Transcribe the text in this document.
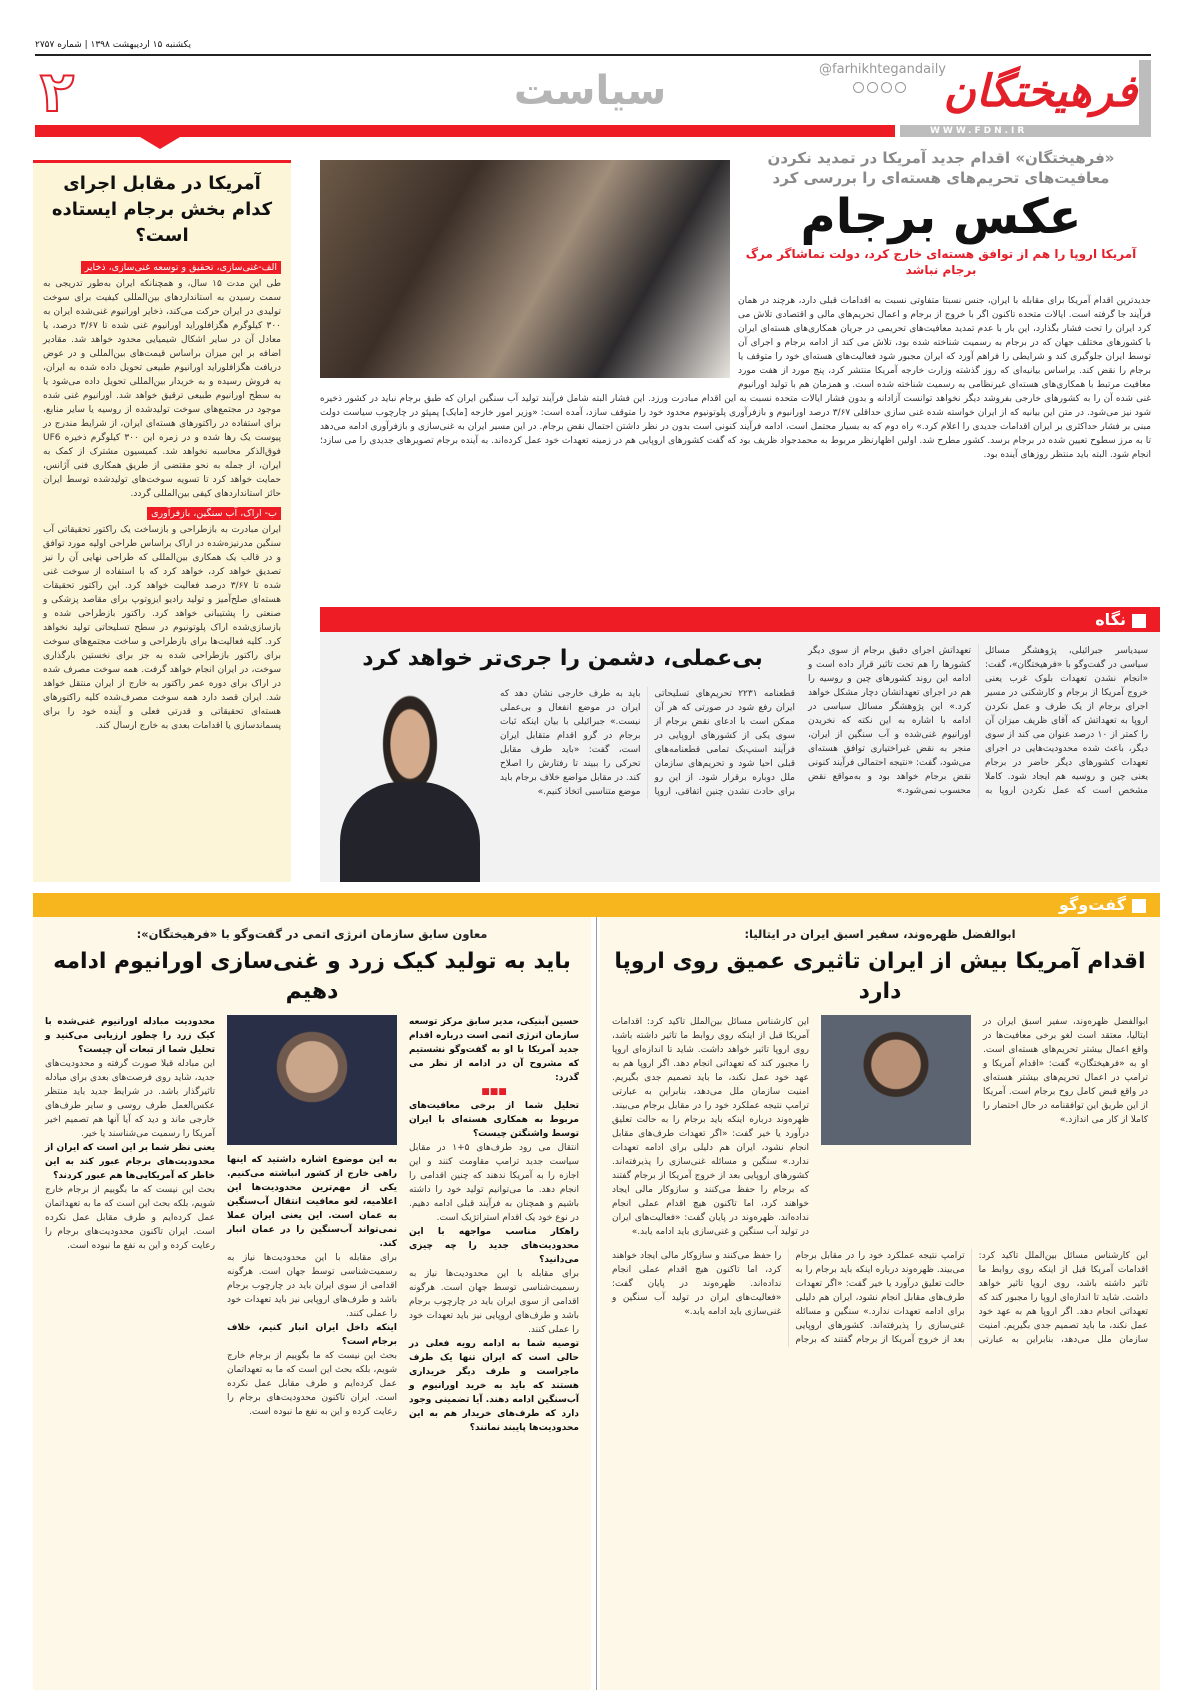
یکشنبه ۱۵ اردیبهشت ۱۳۹۸ | شماره ۲۷۵۷
فرهیختگان
@farhikhtegandaily
سیاست
۲
WWW.FDN.IR
آمریکا در مقابل اجرای کدام بخش برجام ایستاده است؟
الف-غنی‌سازی، تحقیق و توسعه غنی‌سازی، ذخایر

طی این مدت ۱۵ سال، و همچنانکه ایران به‌طور تدریجی به سمت رسیدن به استانداردهای بین‌المللی کیفیت برای سوخت تولیدی در ایران حرکت می‌کند، ذخایر اورانیوم غنی‌شده ایران به ۳۰۰ کیلوگرم هگزافلوراید اورانیوم غنی شده تا ۳/۶۷ درصد، یا معادل آن در سایر اشکال شیمیایی محدود خواهد شد. مقادیر اضافه بر این میزان براساس قیمت‌های بین‌المللی و در عوض دریافت هگزافلوراید اورانیوم طبیعی تحویل داده شده به ایران، به فروش رسیده و به خریدار بین‌المللی تحویل داده می‌شود یا به سطح اورانیوم طبیعی ترقیق خواهد شد. اورانیوم غنی شده موجود در مجتمع‌های سوخت تولیدشده از روسیه یا سایر منابع، برای استفاده در راکتورهای هسته‌ای ایران، از شرایط مندرج در پیوست یک رها شده و در زمره این ۳۰۰ کیلوگرم ذخیره UF6 فوق‌الذکر محاسبه نخواهد شد. کمیسیون مشترک از کمک به ایران، از جمله به نحو مقتضی از طریق همکاری فنی آژانس، حمایت خواهد کرد تا تسویه سوخت‌های تولیدشده توسط ایران حائز استانداردهای کیفی بین‌المللی گردد.

ب- اراک، آب سنگین، بازفرآوری

ایران مبادرت به بازطراحی و بازساخت یک راکتور تحقیقاتی آب سنگین مدرنیزه‌شده در اراک براساس طراحی اولیه مورد توافق و در قالب یک همکاری بین‌المللی که طراحی نهایی آن را نیز تصدیق خواهد کرد، خواهد کرد که با استفاده از سوخت غنی شده تا ۳/۶۷ درصد فعالیت خواهد کرد. این راکتور تحقیقات هسته‌ای صلح‌آمیز و تولید رادیو ایزوتوپ برای مقاصد پزشکی و صنعتی را پشتیبانی خواهد کرد. راکتور بازطراحی شده و بازسازی‌شده اراک پلوتونیوم در سطح تسلیحاتی تولید نخواهد کرد. کلیه فعالیت‌ها برای بازطراحی و ساخت مجتمع‌های سوخت برای راکتور بازطراحی شده به جز برای نخستین بارگذاری سوخت، در ایران انجام خواهد گرفت. همه سوخت مصرف شده در اراک برای دوره عمر راکتور به خارج از ایران منتقل خواهد شد. ایران قصد دارد همه سوخت مصرف‌شده کلیه راکتورهای هسته‌ای تحقیقاتی و قدرتی فعلی و آینده خود را برای پسماندسازی یا اقدامات بعدی به خارج ارسال کند.

«فرهیختگان» اقدام جدید آمریکا در تمدید نکردن معافیت‌های تحریم‌های هسته‌ای را بررسی کرد
عکس برجام
آمریکا اروپا را هم از توافق هسته‌ای خارج کرد، دولت تماشاگر مرگ برجام نباشد
جدیدترین اقدام آمریکا برای مقابله با ایران، جنس نسبتا متفاوتی نسبت به اقدامات قبلی دارد، هرچند در همان فرآیند جا گرفته است. ایالات متحده تاکنون اگر با خروج از برجام و اعمال تحریم‌های مالی و اقتصادی تلاش می کرد ایران را تحت فشار بگذارد، این بار با عدم تمدید معافیت‌های تحریمی در جریان همکاری‌های هسته‌ای ایران با کشورهای مختلف جهان که در برجام به رسمیت شناخته شده بود، تلاش می کند از ادامه برجام و اجرای آن توسط ایران جلوگیری کند و شرایطی را فراهم آورد که ایران مجبور شود فعالیت‌های هسته‌ای خود را متوقف یا برجام را نقض کند. براساس بیانیه‌ای که روز گذشته وزارت خارجه آمریکا منتشر کرد، پنج مورد از هفت مورد معافیت مرتبط با همکاری‌های هسته‌ای غیرنظامی به رسمیت شناخته شده است. و همزمان هم با تولید اورانیوم غنی شده آن را به کشورهای خارجی بفروشد دیگر نخواهد توانست آزادانه و بدون فشار ایالات متحده نسبت به این اقدام مبادرت ورزد. این فشار البته شامل فرآیند تولید آب سنگین ایران که طبق برجام نباید در کشور ذخیره شود نیز می‌شود. در متن این بیانیه که از ایران خواسته شده غنی سازی حداقلی ۳/۶۷ درصد اورانیوم و بازفرآوری پلوتونیوم محدود خود را متوقف سازد، آمده است: «وزیر امور خارجه [مایک] پمپئو در چارچوب سیاست دولت مبنی بر فشار حداکثری بر ایران اقدامات جدیدی را اعلام کرد.» راه دوم که به بسیار محتمل است، ادامه فرآیند کنونی است بدون در نظر داشتن احتمال نقض برجام. در این مسیر ایران به غنی‌سازی و بازفرآوری ادامه می‌دهد تا به مرز سطوح تعیین شده در برجام برسد. کشور مطرح شد. اولین اظهارنظر مربوط به محمدجواد ظریف بود که گفت کشورهای اروپایی هم در زمینه تعهدات خود عمل کرده‌اند. به آینده برجام تصویرهای جدیدی را می سازد؛ انجام شود. البته باید منتظر روزهای آینده بود.
نگاه
سیدیاسر جبرائیلی، پژوهشگر مسائل سیاسی در گفت‌وگو با «فرهیختگان»، گفت: «انجام نشدن تعهدات بلوک غرب یعنی خروج آمریکا از برجام و کارشکنی در مسیر اجرای برجام از یک طرف و عمل نکردن اروپا به تعهداتش که آقای ظریف میزان آن را کمتر از ۱۰ درصد عنوان می کند از سوی دیگر، باعث شده محدودیت‌هایی در اجرای تعهدات کشورهای دیگر حاضر در برجام یعنی چین و روسیه هم ایجاد شود. کاملا مشخص است که عمل نکردن اروپا به تعهداتش اجرای دقیق برجام از سوی دیگر کشورها را هم تحت تاثیر قرار داده است و ادامه این روند کشورهای چین و روسیه را هم در اجرای تعهداتشان دچار مشکل خواهد کرد.» این پژوهشگر مسائل سیاسی در ادامه با اشاره به این نکته که نخریدن اورانیوم غنی‌شده و آب سنگین از ایران، منجر به نقض غیراختیاری توافق هسته‌ای می‌شود، گفت: «نتیجه احتمالی فرآیند کنونی نقض برجام خواهد بود و به‌مواقع نقض محسوب نمی‌شود.»
بی‌عملی، دشمن را جری‌تر خواهد کرد
قطعنامه ۲۲۳۱ تحریم‌های تسلیحاتی ایران رفع شود در صورتی که هر آن ممکن است با ادعای نقض برجام از سوی یکی از کشورهای اروپایی در فرآیند اسنپ‌بک تمامی قطعنامه‌های قبلی احیا شود و تحریم‌های سازمان ملل دوباره برقرار شود. از این رو برای حادث نشدن چنین اتفاقی، اروپا باید به طرف خارجی نشان دهد که ایران در موضع انفعال و بی‌عملی نیست.» جبرائیلی با بیان اینکه ثبات برجام در گرو اقدام متقابل ایران است، گفت: «باید طرف مقابل تحرکی را ببیند تا رفتارش را اصلاح کند. در مقابل مواضع خلاف برجام باید موضع متناسبی اتخاذ کنیم.»
گفت‌وگو
ابوالفضل ظهره‌وند، سفیر اسبق ایران در ایتالیا:
اقدام آمریکا بیش از ایران تاثیری عمیق روی اروپا دارد

ابوالفضل ظهره‌وند، سفیر اسبق ایران در ایتالیا، معتقد است لغو برخی معافیت‌ها در واقع اعمال بیشتر تحریم‌های هسته‌ای است. او به «فرهیختگان» گفت: «اقدام آمریکا و ترامپ در اعمال تحریم‌های بیشتر هسته‌ای در واقع قبض کامل روح برجام است. آمریکا از این طریق این توافقنامه در حال احتضار را کاملا از کار می اندازد.»

این کارشناس مسائل بین‌الملل تاکید کرد: اقدامات آمریکا قبل از اینکه روی روابط ما تاثیر داشته باشد، روی اروپا تاثیر خواهد داشت. شاید تا اندازه‌ای اروپا را مجبور کند که تعهداتی انجام دهد. اگر اروپا هم به عهد خود عمل نکند، ما باید تصمیم جدی بگیریم. امنیت سازمان ملل می‌دهد، بنابراین به عبارتی ترامپ نتیجه عملکرد خود را در مقابل برجام می‌بیند. ظهره‌وند درباره اینکه باید برجام را به حالت تعلیق درآورد یا خیر گفت: «اگر تعهدات طرف‌های مقابل انجام نشود، ایران هم دلیلی برای ادامه تعهدات ندارد.» سنگین و مسائله غنی‌سازی را پذیرفته‌اند. کشورهای اروپایی بعد از خروج آمریکا از برجام گفتند که برجام را حفظ می‌کنند و سازوکار مالی ایجاد خواهند کرد، اما تاکنون هیچ اقدام عملی انجام نداده‌اند. ظهره‌وند در پایان گفت: «فعالیت‌های ایران در تولید آب سنگین و غنی‌سازی باید ادامه یابد.»
این کارشناس مسائل بین‌الملل تاکید کرد: اقدامات آمریکا قبل از اینکه روی روابط ما تاثیر داشته باشد، روی اروپا تاثیر خواهد داشت. شاید تا اندازه‌ای اروپا را مجبور کند که تعهداتی انجام دهد. اگر اروپا هم به عهد خود عمل نکند، ما باید تصمیم جدی بگیریم. امنیت سازمان ملل می‌دهد، بنابراین به عبارتی ترامپ نتیجه عملکرد خود را در مقابل برجام می‌بیند. ظهره‌وند درباره اینکه باید برجام را به حالت تعلیق درآورد یا خیر گفت: «اگر تعهدات طرف‌های مقابل انجام نشود، ایران هم دلیلی برای ادامه تعهدات ندارد.» سنگین و مسائله غنی‌سازی را پذیرفته‌اند. کشورهای اروپایی بعد از خروج آمریکا از برجام گفتند که برجام را حفظ می‌کنند و سازوکار مالی ایجاد خواهند کرد، اما تاکنون هیچ اقدام عملی انجام نداده‌اند. ظهره‌وند در پایان گفت: «فعالیت‌های ایران در تولید آب سنگین و غنی‌سازی باید ادامه یابد.»
معاون سابق سازمان انرژی اتمی در گفت‌وگو با «فرهیختگان»:
باید به تولید کیک زرد و غنی‌سازی اورانیوم ادامه دهیم

حسین آبنیکی، مدیر سابق مرکز توسعه سازمان انرژی اتمی است درباره اقدام جدید آمریکا با او به گفت‌وگو نشستیم که مشروح آن در ادامه از نظر می گذرد:

■■■

تحلیل شما از برخی معافیت‌های مربوط به همکاری هسته‌ای با ایران توسط واشنگتن چیست؟

انتقال می رود طرف‌های ۵+۱ در مقابل سیاست جدید ترامپ مقاومت کنند و این اجازه را به آمریکا ندهند که چنین اقدامی را انجام دهد. ما می‌توانیم تولید خود را داشته باشیم و همچنان به فرآیند قبلی ادامه دهیم. در نوع خود یک اقدام استراتژیک است.

راهکار مناسب مواجهه با این محدودیت‌های جدید را چه چیزی می‌دانید؟

برای مقابله با این محدودیت‌ها نیاز به رسمیت‌شناسی توسط جهان است. هرگونه اقدامی از سوی ایران باید در چارچوب برجام باشد و طرف‌های اروپایی نیز باید تعهدات خود را عملی کنند.

توصیه شما به ادامه رویه فعلی در حالی است که ایران تنها یک طرف ماجراست و طرف دیگر خریداری هستند که باید به خرید اورانیوم و آب‌سنگین ادامه دهند. آیا تضمینی وجود دارد که طرف‌های خریدار هم به این محدودیت‌ها پایبند نمانند؟

به این موضوع اشاره داشتید که اینها راهی خارج از کشور انباشته می‌کنیم. یکی از مهم‌ترین محدودیت‌ها این اعلامیه، لغو معافیت انتقال آب‌سنگین به عمان است. این یعنی ایران عملا نمی‌تواند آب‌سنگین را در عمان انبار کند.

برای مقابله با این محدودیت‌ها نیاز به رسمیت‌شناسی توسط جهان است. هرگونه اقدامی از سوی ایران باید در چارچوب برجام باشد و طرف‌های اروپایی نیز باید تعهدات خود را عملی کنند.

اینکه داخل ایران انبار کنیم، خلاف برجام است؟

بحث این نیست که ما بگوییم از برجام خارج شویم، بلکه بحث این است که ما به تعهداتمان عمل کرده‌ایم و طرف مقابل عمل نکرده است. ایران تاکنون محدودیت‌های برجام را رعایت کرده و این به نفع ما نبوده است.

محدودیت مبادله اورانیوم غنی‌شده با کیک زرد را چطور ارزیابی می‌کنید و تحلیل شما از تبعات آن چیست؟

این مبادله قبلا صورت گرفته و محدودیت‌های جدید، شاید روی فرصت‌های بعدی برای مبادله تاثیرگذار باشد. در شرایط جدید باید منتظر عکس‌العمل طرف روسی و سایر طرف‌های خارجی ماند و دید که آیا آنها هم تصمیم اخیر آمریکا را رسمیت می‌شناسند یا خیر.

یعنی نظر شما بر این است که ایران از محدودیت‌های برجام عبور کند به این خاطر که آمریکایی‌ها هم عبور کردند؟

بحث این نیست که ما بگوییم از برجام خارج شویم، بلکه بحث این است که ما به تعهداتمان عمل کرده‌ایم و طرف مقابل عمل نکرده است. ایران تاکنون محدودیت‌های برجام را رعایت کرده و این به نفع ما نبوده است.
